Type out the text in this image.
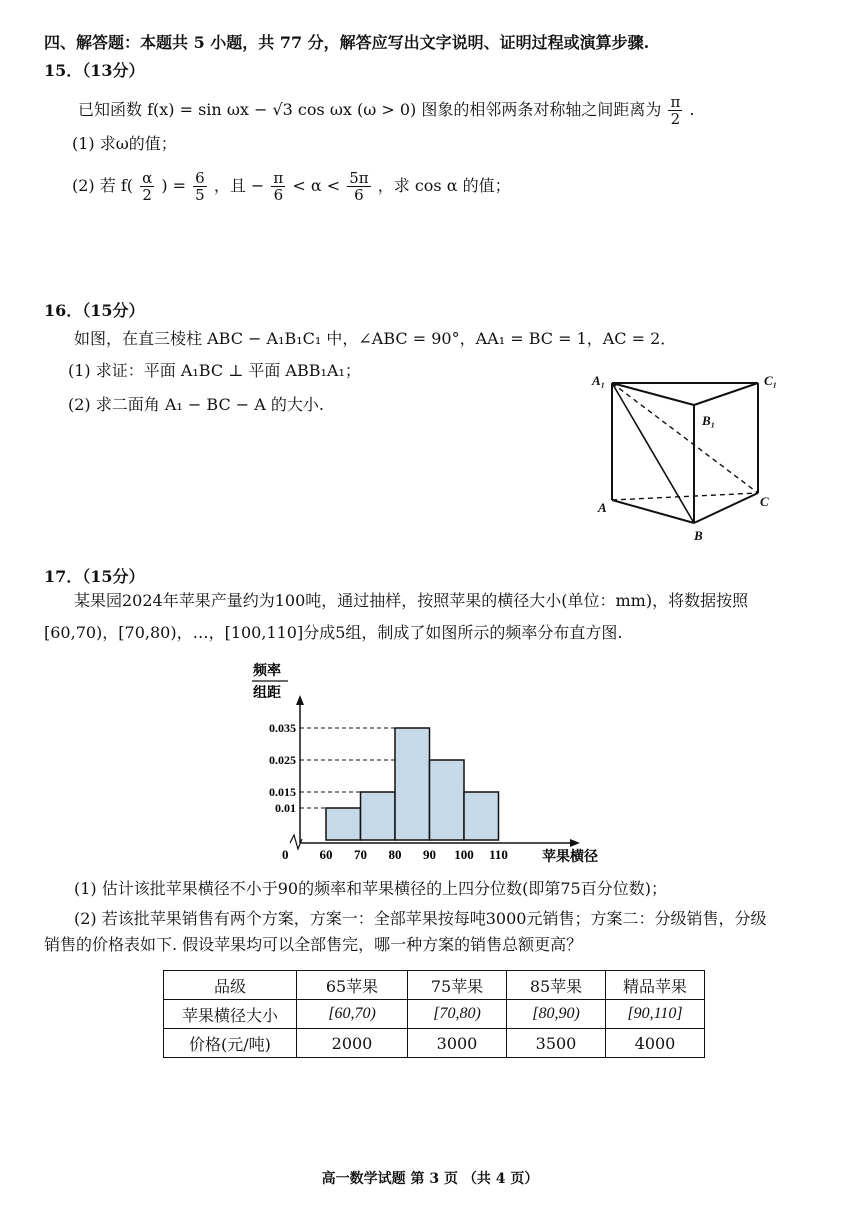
四、解答题：本题共 5 小题，共 77 分，解答应写出文字说明、证明过程或演算步骤.
15．（13分）
已知函数 f(x) = sin ωx − √3 cos ωx (ω > 0) 图象的相邻两条对称轴之间距离为 $\frac{\pi}{2}$ .
(1) 求ω的值；
(2) 若 $f( \frac{\alpha}{2}$ ) = $\frac{6}{5}$ ，且 − $\frac{\pi}{6} < \alpha < \frac{5\pi}{6}$ ，求 cos α 的值；
16．（15分）
如图，在直三棱柱 ABC − A₁B₁C₁ 中，∠ABC = 90°，AA₁ = BC = 1，AC = 2．
(1) 求证：平面 A₁BC ⊥ 平面 ABB₁A₁；
(2) 求二面角 A₁ − BC − A 的大小.
A₁	C₁
B₁
A	C
B
17．（15分）
某果园2024年苹果产量约为100吨，通过抽样，按照苹果的横径大小(单位：mm)，将数据按照
[60,70)，[70,80)，…，[100,110]分成5组，制成了如图所示的频率分布直方图.
频率
组距
0
0.01
0.015
0.025
0.035
60 70 80 90 100 110 苹果横径
(1) 估计该批苹果横径不小于90的频率和苹果横径的上四分位数(即第75百分位数)；
(2) 若该批苹果销售有两个方案，方案一：全部苹果按每吨3000元销售；方案二：分级销售，分级
销售的价格表如下. 假设苹果均可以全部售完，哪一种方案的销售总额更高？
品级	65苹果	75苹果	85苹果	精品苹果
苹果横径大小	[60,70)	[70,80)	[80,90)	[90,110]
价格(元/吨)	2000	3000	3500	4000
高一数学试题 第 3 页 （共 4 页）
